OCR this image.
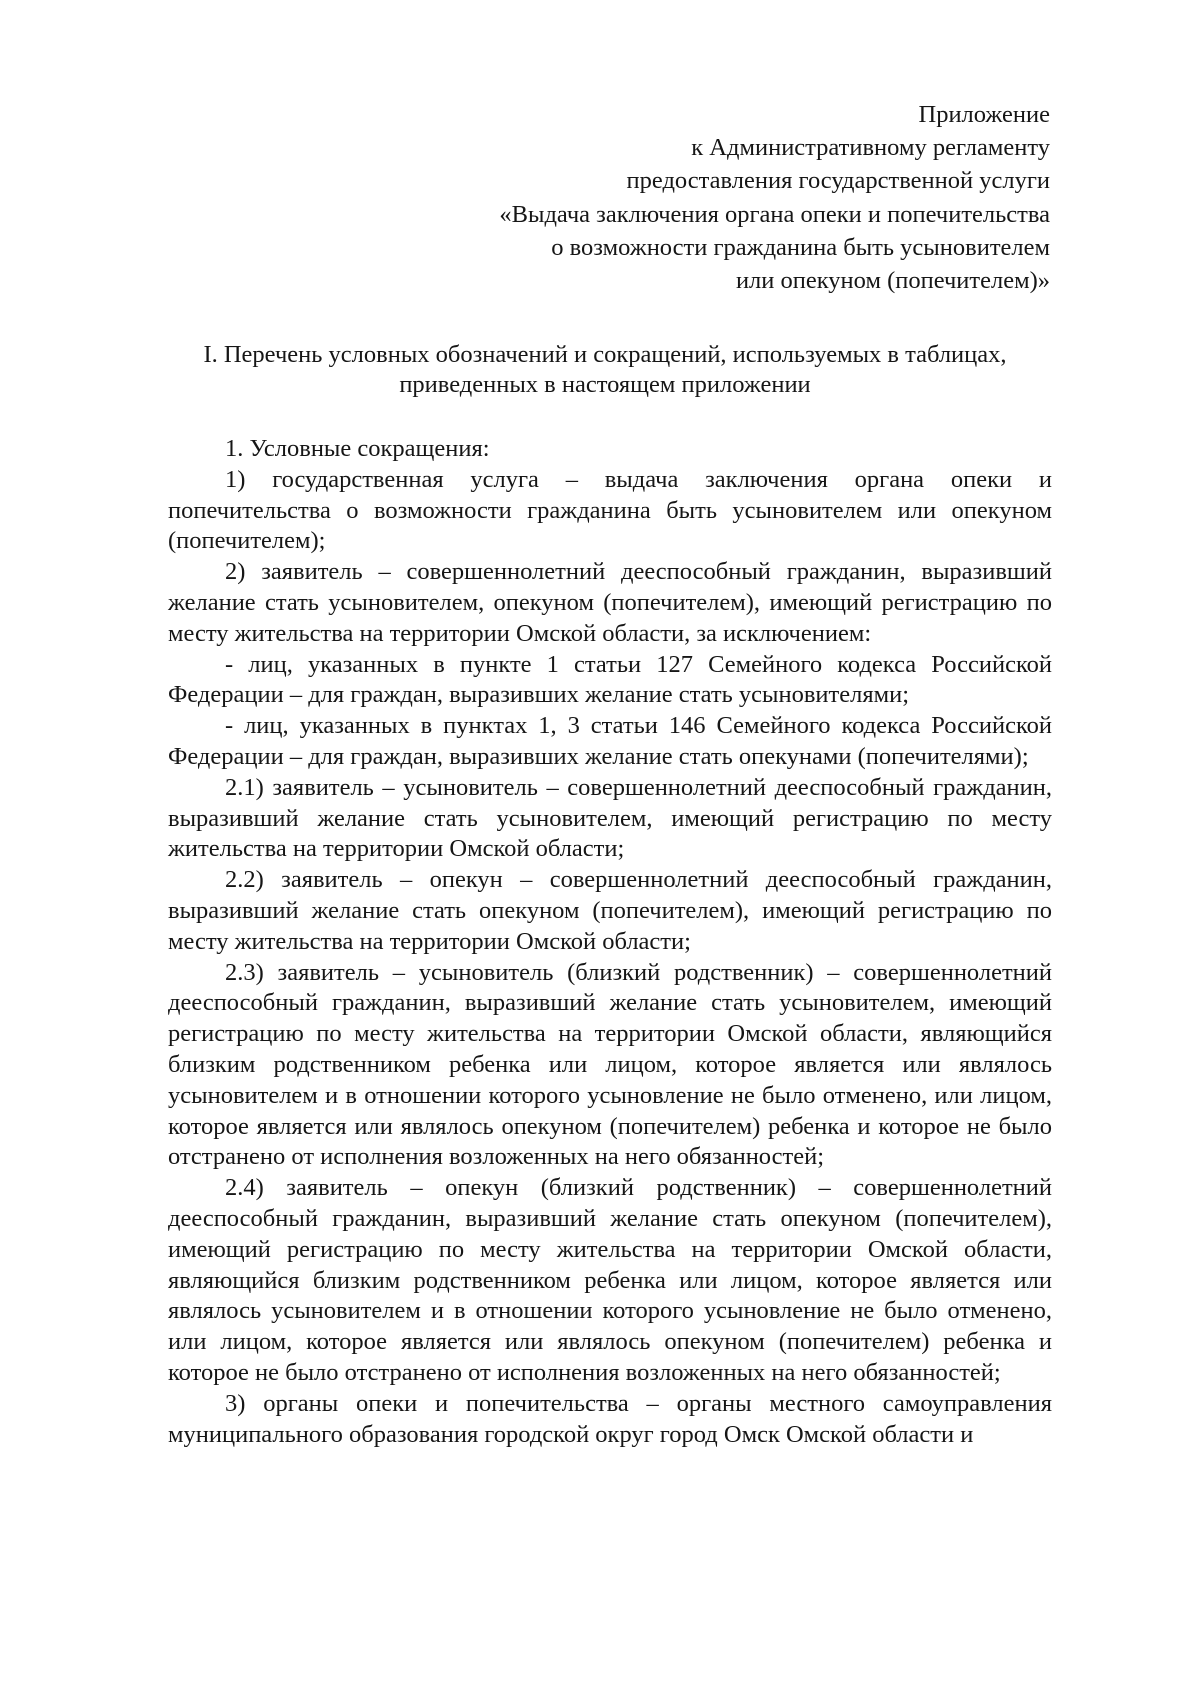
Приложение
к Административному регламенту
предоставления государственной услуги
«Выдача заключения органа опеки и попечительства
о возможности гражданина быть усыновителем
или опекуном (попечителем)»
I. Перечень условных обозначений и сокращений, используемых в таблицах,
приведенных в настоящем приложении

1. Условные сокращения:

1) государственная услуга – выдача заключения органа опеки и попечительства о возможности гражданина быть усыновителем или опекуном (попечителем);

2) заявитель – совершеннолетний дееспособный гражданин, выразивший желание стать усыновителем, опекуном (попечителем), имеющий регистрацию по месту жительства на территории Омской области, за исключением:

- лиц, указанных в пункте 1 статьи 127 Семейного кодекса Российской Федерации – для граждан, выразивших желание стать усыновителями;

- лиц, указанных в пунктах 1, 3 статьи 146 Семейного кодекса Российской Федерации – для граждан, выразивших желание стать опекунами (попечителями);

2.1) заявитель – усыновитель – совершеннолетний дееспособный гражданин, выразивший желание стать усыновителем, имеющий регистрацию по месту жительства на территории Омской области;

2.2) заявитель – опекун – совершеннолетний дееспособный гражданин, выразивший желание стать опекуном (попечителем), имеющий регистрацию по месту жительства на территории Омской области;

2.3) заявитель – усыновитель (близкий родственник) – совершеннолетний дееспособный гражданин, выразивший желание стать усыновителем, имеющий регистрацию по месту жительства на территории Омской области, являющийся близким родственником ребенка или лицом, которое является или являлось усыновителем и в отношении которого усыновление не было отменено, или лицом, которое является или являлось опекуном (попечителем) ребенка и которое не было отстранено от исполнения возложенных на него обязанностей;

2.4) заявитель – опекун (близкий родственник) – совершеннолетний дееспособный гражданин, выразивший желание стать опекуном (попечителем), имеющий регистрацию по месту жительства на территории Омской области, являющийся близким родственником ребенка или лицом, которое является или являлось усыновителем и в отношении которого усыновление не было отменено, или лицом, которое является или являлось опекуном (попечителем) ребенка и которое не было отстранено от исполнения возложенных на него обязанностей;

3) органы опеки и попечительства – органы местного самоуправления муниципального образования городской округ город Омск Омской области и
